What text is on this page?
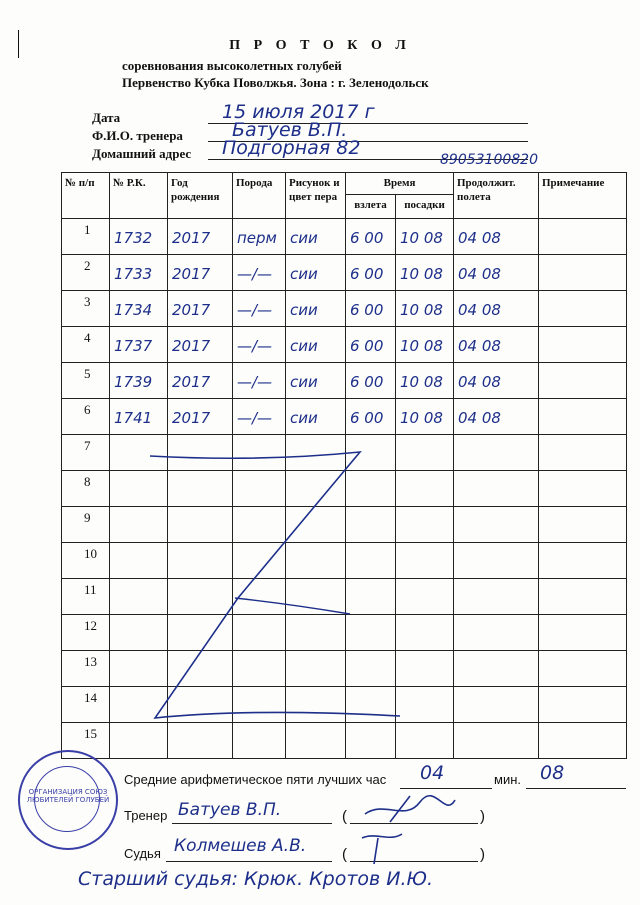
П Р О Т О К О Л
соревнования высоколетных голубей
Первенство Кубка Поволжья. Зона : г. Зеленодольск
Дата	15 июля 2017 г
Ф.И.О. тренера	Батуев В.П.
Домашний адрес Подгорная 82
89053100820
№ п/п	№ Р.К.	Год рождения	Порода	Рисунок и цвет пера	Время		Продолжит. полета	Примечание
					взлета	посадки		

1	1732	2017	перм	сии	6 00	10 08	04 08	

2	1733	2017	—/—	сии	6 00	10 08	04 08	

3	1734	2017	—/—	сии	6 00	10 08	04 08	

4	1737	2017	—/—	сии	6 00	10 08	04 08	

5	1739	2017	—/—	сии	6 00	10 08	04 08	

6	1741	2017	—/—	сии	6 00	10 08	04 08	

7								

8								

9								

10								

11								

12								

13								

14								

15								

ОРГАНИЗАЦИЯ СОЮЗ ЛЮБИТЕЛЕЙ ГОЛУБЕЙ
Средние арифметическое пяти лучших час 04	мин. 08
Тренер Батуев В.П.	(	)
Судья Колмешев А.В. (	)
Старший судья: Крюк. Кротов И.Ю.
